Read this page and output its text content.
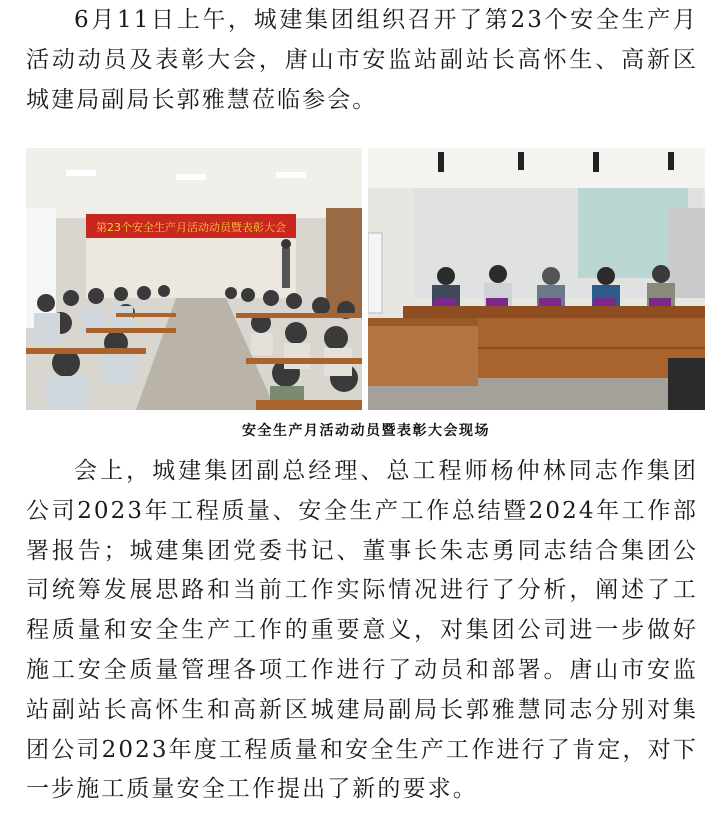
6月11日上午，城建集团组织召开了第23个安全生产月活动动员及表彰大会，唐山市安监站副站长高怀生、高新区城建局副局长郭雅慧莅临参会。

第23个安全生产月活动动员暨表彰大会
安全生产月活动动员暨表彰大会现场

会上，城建集团副总经理、总工程师杨仲林同志作集团公司2023年工程质量、安全生产工作总结暨2024年工作部署报告；城建集团党委书记、董事长朱志勇同志结合集团公司统筹发展思路和当前工作实际情况进行了分析，阐述了工程质量和安全生产工作的重要意义，对集团公司进一步做好施工安全质量管理各项工作进行了动员和部署。唐山市安监站副站长高怀生和高新区城建局副局长郭雅慧同志分别对集团公司2023年度工程质量和安全生产工作进行了肯定，对下一步施工质量安全工作提出了新的要求。
